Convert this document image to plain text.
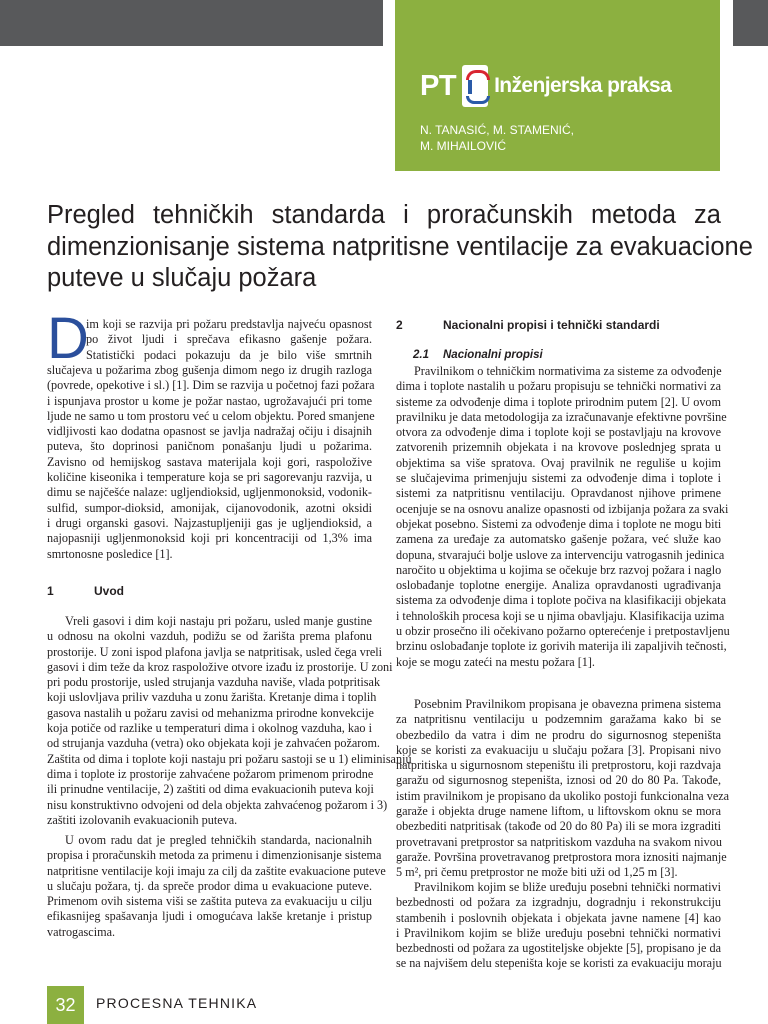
PT Inženjerska praksa
N. TANASIĆ, M. STAMENIĆ,
M. MIHAILOVIĆ
Pregled tehničkih standarda i proračunskih metoda za
dimenzionisanje sistema natpritisne ventilacije za evakuacione
puteve u slučaju požara
D
im koji se razvija pri požaru predstavlja najveću opasnost
po život ljudi i sprečava efikasno gašenje požara.
Statistički podaci pokazuju da je bilo više smrtnih
slučajeva u požarima zbog gušenja dimom nego iz drugih razloga
(povrede, opekotive i sl.) [1]. Dim se razvija u početnoj fazi požara
i ispunjava prostor u kome je požar nastao, ugrožavajući pri tome
ljude ne samo u tom prostoru već u celom objektu. Pored smanjene
vidljivosti kao dodatna opasnost se javlja nadražaj očiju i disajnih
puteva, što doprinosi paničnom ponašanju ljudi u požarima.
Zavisno od hemijskog sastava materijala koji gori, raspoložive
količine kiseonika i temperature koja se pri sagorevanju razvija, u
dimu se najčešće nalaze: ugljendioksid, ugljenmonoksid, vodonik-
sulfid, sumpor-dioksid, amonijak, cijanovodonik, azotni oksidi
i drugi organski gasovi. Najzastupljeniji gas je ugljendioksid, a
najopasniji ugljenmonoksid koji pri koncentraciji od 1,3% ima
smrtonosne posledice [1].
1	Uvod
Vreli gasovi i dim koji nastaju pri požaru, usled manje gustine
u odnosu na okolni vazduh, podižu se od žarišta prema plafonu
prostorije. U zoni ispod plafona javlja se natpritisak, usled čega vreli
gasovi i dim teže da kroz raspoložive otvore izađu iz prostorije. U zoni
pri podu prostorije, usled strujanja vazduha naviše, vlada potpritisak
koji uslovljava priliv vazduha u zonu žarišta. Kretanje dima i toplih
gasova nastalih u požaru zavisi od mehanizma prirodne konvekcije
koja potiče od razlike u temperaturi dima i okolnog vazduha, kao i
od strujanja vazduha (vetra) oko objekata koji je zahvaćen požarom.
Zaštita od dima i toplote koji nastaju pri požaru sastoji se u 1) eliminisanju
dima i toplote iz prostorije zahvaćene požarom primenom prirodne
ili prinudne ventilacije, 2) zaštiti od dima evakuacionih puteva koji
nisu konstruktivno odvojeni od dela objekta zahvaćenog požarom i 3)
zaštiti izolovanih evakuacionih puteva.
U ovom radu dat je pregled tehničkih standarda, nacionalnih
propisa i proračunskih metoda za primenu i dimenzionisanje sistema
natpritisne ventilacije koji imaju za cilj da zaštite evakuacione puteve
u slučaju požara, tj. da spreče prodor dima u evakuacione puteve.
Primenom ovih sistema viši se zaštita puteva za evakuaciju u cilju
efikasnijeg spašavanja ljudi i omogućava lakše kretanje i pristup
vatrogascima.
2	Nacionalni propisi i tehnički standardi
2.1 Nacionalni propisi
Pravilnikom o tehničkim normativima za sisteme za odvođenje
dima i toplote nastalih u požaru propisuju se tehnički normativi za
sisteme za odvođenje dima i toplote prirodnim putem [2]. U ovom
pravilniku je data metodologija za izračunavanje efektivne površine
otvora za odvođenje dima i toplote koji se postavljaju na krovove
zatvorenih prizemnih objekata i na krovove poslednjeg sprata u
objektima sa više spratova. Ovaj pravilnik ne reguliše u kojim
se slučajevima primenjuju sistemi za odvođenje dima i toplote i
sistemi za natpritisnu ventilaciju. Opravdanost njihove primene
ocenjuje se na osnovu analize opasnosti od izbijanja požara za svaki
objekat posebno. Sistemi za odvođenje dima i toplote ne mogu biti
zamena za uređaje za automatsko gašenje požara, već služe kao
dopuna, stvarajući bolje uslove za intervenciju vatrogasnih jedinica
naročito u objektima u kojima se očekuje brz razvoj požara i naglo
oslobađanje toplotne energije. Analiza opravdanosti ugrađivanja
sistema za odvođenje dima i toplote počiva na klasifikaciji objekata
i tehnoloških procesa koji se u njima obavljaju. Klasifikacija uzima
u obzir prosečno ili očekivano požarno opterećenje i pretpostavljenu
brzinu oslobađanje toplote iz gorivih materija ili zapaljivih tečnosti,
koje se mogu zateći na mestu požara [1].
Posebnim Pravilnikom propisana je obavezna primena sistema
za natpritisnu ventilaciju u podzemnim garažama kako bi se
obezbedilo da vatra i dim ne prodru do sigurnosnog stepeništa
koje se koristi za evakuaciju u slučaju požara [3]. Propisani nivo
natpritiska u sigurnosnom stepeništu ili pretprostoru, koji razdvaja
garažu od sigurnosnog stepeništa, iznosi od 20 do 80 Pa. Takođe,
istim pravilnikom je propisano da ukoliko postoji funkcionalna veza
garaže i objekta druge namene liftom, u liftovskom oknu se mora
obezbediti natpritisak (takođe od 20 do 80 Pa) ili se mora izgraditi
provetravani pretprostor sa natpritiskom vazduha na svakom nivou
garaže. Površina provetravanog pretprostora mora iznositi najmanje
5 m², pri čemu pretprostor ne može biti uži od 1,25 m [3].
Pravilnikom kojim se bliže uređuju posebni tehnički normativi
bezbednosti od požara za izgradnju, dogradnju i rekonstrukciju
stambenih i poslovnih objekata i objekata javne namene [4] kao
i Pravilnikom kojim se bliže uređuju posebni tehnički normativi
bezbednosti od požara za ugostiteljske objekte [5], propisano je da
se na najvišem delu stepeništa koje se koristi za evakuaciju moraju
32	PROCESNA TEHNIKA
